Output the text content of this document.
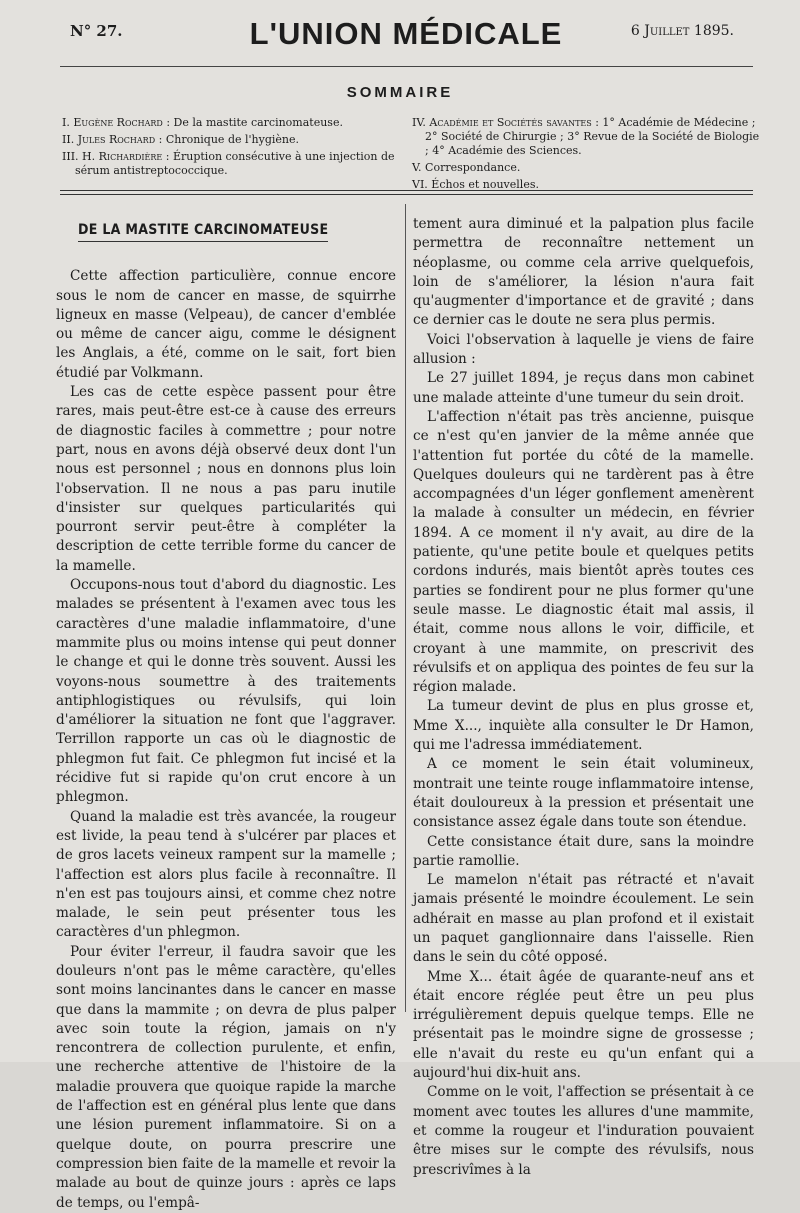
N° 27.	L'UNION MÉDICALE	6 Juillet 1895.
SOMMAIRE

I. Eugène Rochard : De la mastite carcinomateuse.

II. Jules Rochard : Chronique de l'hygiène.

III. H. Richardière : Éruption consécutive à une injection de sérum antistreptococcique.

IV. Académie et Sociétés savantes : 1° Académie de Médecine ; 2° Société de Chirurgie ; 3° Revue de la Société de Biologie ; 4° Académie des Sciences.

V. Correspondance.

VI. Échos et nouvelles.

DE LA MASTITE CARCINOMATEUSE

Cette affection particulière, connue encore sous le nom de cancer en masse, de squirrhe ligneux en masse (Velpeau), de cancer d'emblée ou même de cancer aigu, comme le désignent les Anglais, a été, comme on le sait, fort bien étudié par Volkmann.

Les cas de cette espèce passent pour être rares, mais peut-être est-ce à cause des erreurs de diagnostic faciles à commettre ; pour notre part, nous en avons déjà observé deux dont l'un nous est personnel ; nous en donnons plus loin l'observation. Il ne nous a pas paru inutile d'insister sur quelques particularités qui pourront servir peut-être à compléter la description de cette terrible forme du cancer de la mamelle.

Occupons-nous tout d'abord du diagnostic. Les malades se présentent à l'examen avec tous les caractères d'une maladie inflammatoire, d'une mammite plus ou moins intense qui peut donner le change et qui le donne très souvent. Aussi les voyons-nous soumettre à des traitements antiphlogistiques ou révulsifs, qui loin d'améliorer la situation ne font que l'aggraver. Terrillon rapporte un cas où le diagnostic de phlegmon fut fait. Ce phlegmon fut incisé et la récidive fut si rapide qu'on crut encore à un phlegmon.

Quand la maladie est très avancée, la rougeur est livide, la peau tend à s'ulcérer par places et de gros lacets veineux rampent sur la mamelle ; l'affection est alors plus facile à reconnaître. Il n'en est pas toujours ainsi, et comme chez notre malade, le sein peut présenter tous les caractères d'un phlegmon.

Pour éviter l'erreur, il faudra savoir que les douleurs n'ont pas le même caractère, qu'elles sont moins lancinantes dans le cancer en masse que dans la mammite ; on devra de plus palper avec soin toute la région, jamais on n'y rencontrera de collection purulente, et enfin, une recherche attentive de l'histoire de la maladie prouvera que quoique rapide la marche de l'affection est en général plus lente que dans une lésion purement inflammatoire. Si on a quelque doute, on pourra prescrire une compression bien faite de la mamelle et revoir la malade au bout de quinze jours : après ce laps de temps, ou l'empâ-

tement aura diminué et la palpation plus facile permettra de reconnaître nettement un néoplasme, ou comme cela arrive quelquefois, loin de s'améliorer, la lésion n'aura fait qu'augmenter d'importance et de gravité ; dans ce dernier cas le doute ne sera plus permis.

Voici l'observation à laquelle je viens de faire allusion :

Le 27 juillet 1894, je reçus dans mon cabinet une malade atteinte d'une tumeur du sein droit.

L'affection n'était pas très ancienne, puisque ce n'est qu'en janvier de la même année que l'attention fut portée du côté de la mamelle. Quelques douleurs qui ne tardèrent pas à être accompagnées d'un léger gonflement amenèrent la malade à consulter un médecin, en février 1894. A ce moment il n'y avait, au dire de la patiente, qu'une petite boule et quelques petits cordons indurés, mais bientôt après toutes ces parties se fondirent pour ne plus former qu'une seule masse. Le diagnostic était mal assis, il était, comme nous allons le voir, difficile, et croyant à une mammite, on prescrivit des révulsifs et on appliqua des pointes de feu sur la région malade.

La tumeur devint de plus en plus grosse et, Mme X..., inquiète alla consulter le Dr Hamon, qui me l'adressa immédiatement.

A ce moment le sein était volumineux, montrait une teinte rouge inflammatoire intense, était douloureux à la pression et présentait une consistance assez égale dans toute son étendue.

Cette consistance était dure, sans la moindre partie ramollie.

Le mamelon n'était pas rétracté et n'avait jamais présenté le moindre écoulement. Le sein adhérait en masse au plan profond et il existait un paquet ganglionnaire dans l'aisselle. Rien dans le sein du côté opposé.

Mme X... était âgée de quarante-neuf ans et était encore réglée peut être un peu plus irrégulièrement depuis quelque temps. Elle ne présentait pas le moindre signe de grossesse ; elle n'avait du reste eu qu'un enfant qui a aujourd'hui dix-huit ans.

Comme on le voit, l'affection se présentait à ce moment avec toutes les allures d'une mammite, et comme la rougeur et l'induration pouvaient être mises sur le compte des révulsifs, nous prescrivîmes à la
